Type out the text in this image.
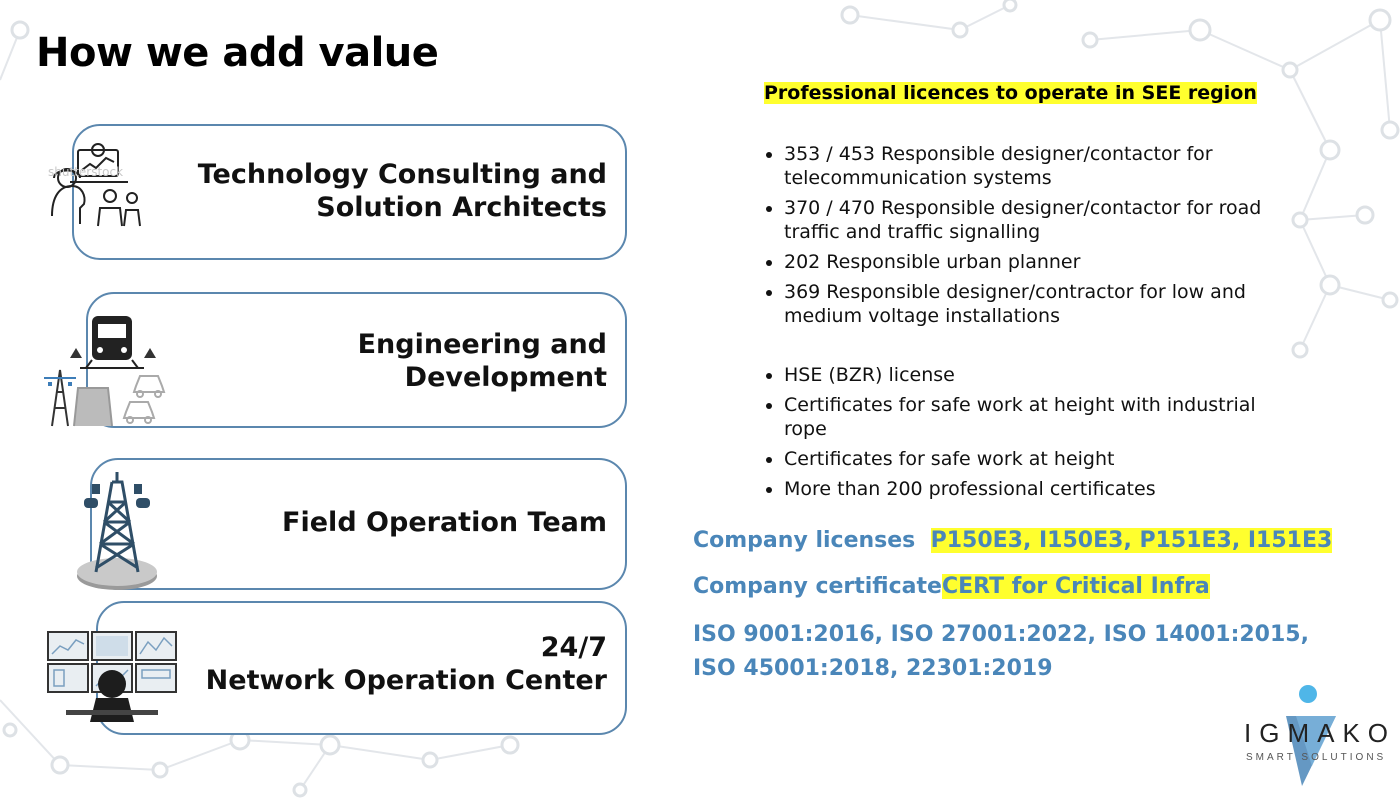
How we add value
Technology Consulting and
Solution Architects
shutterstock
Engineering and
Development
Field Operation Team
24/7
Network Operation Center
Professional licences to operate in SEE region
• 353 / 453 Responsible designer/contactor for telecommunication systems
• 370 / 470 Responsible designer/contactor for road traffic and traffic signalling
• 202 Responsible urban planner
• 369 Responsible designer/contractor for low and medium voltage installations
• HSE (BZR) license
• Certificates for safe work at height with industrial rope
• Certificates for safe work at height
• More than 200 professional certificates
Company licenses P150E3, I150E3, P151E3, I151E3
Company certificateCERT for Critical Infra
ISO 9001:2016, ISO 27001:2022, ISO 14001:2015, ISO 45001:2018, 22301:2019
IGMAKO
SMART SOLUTIONS
